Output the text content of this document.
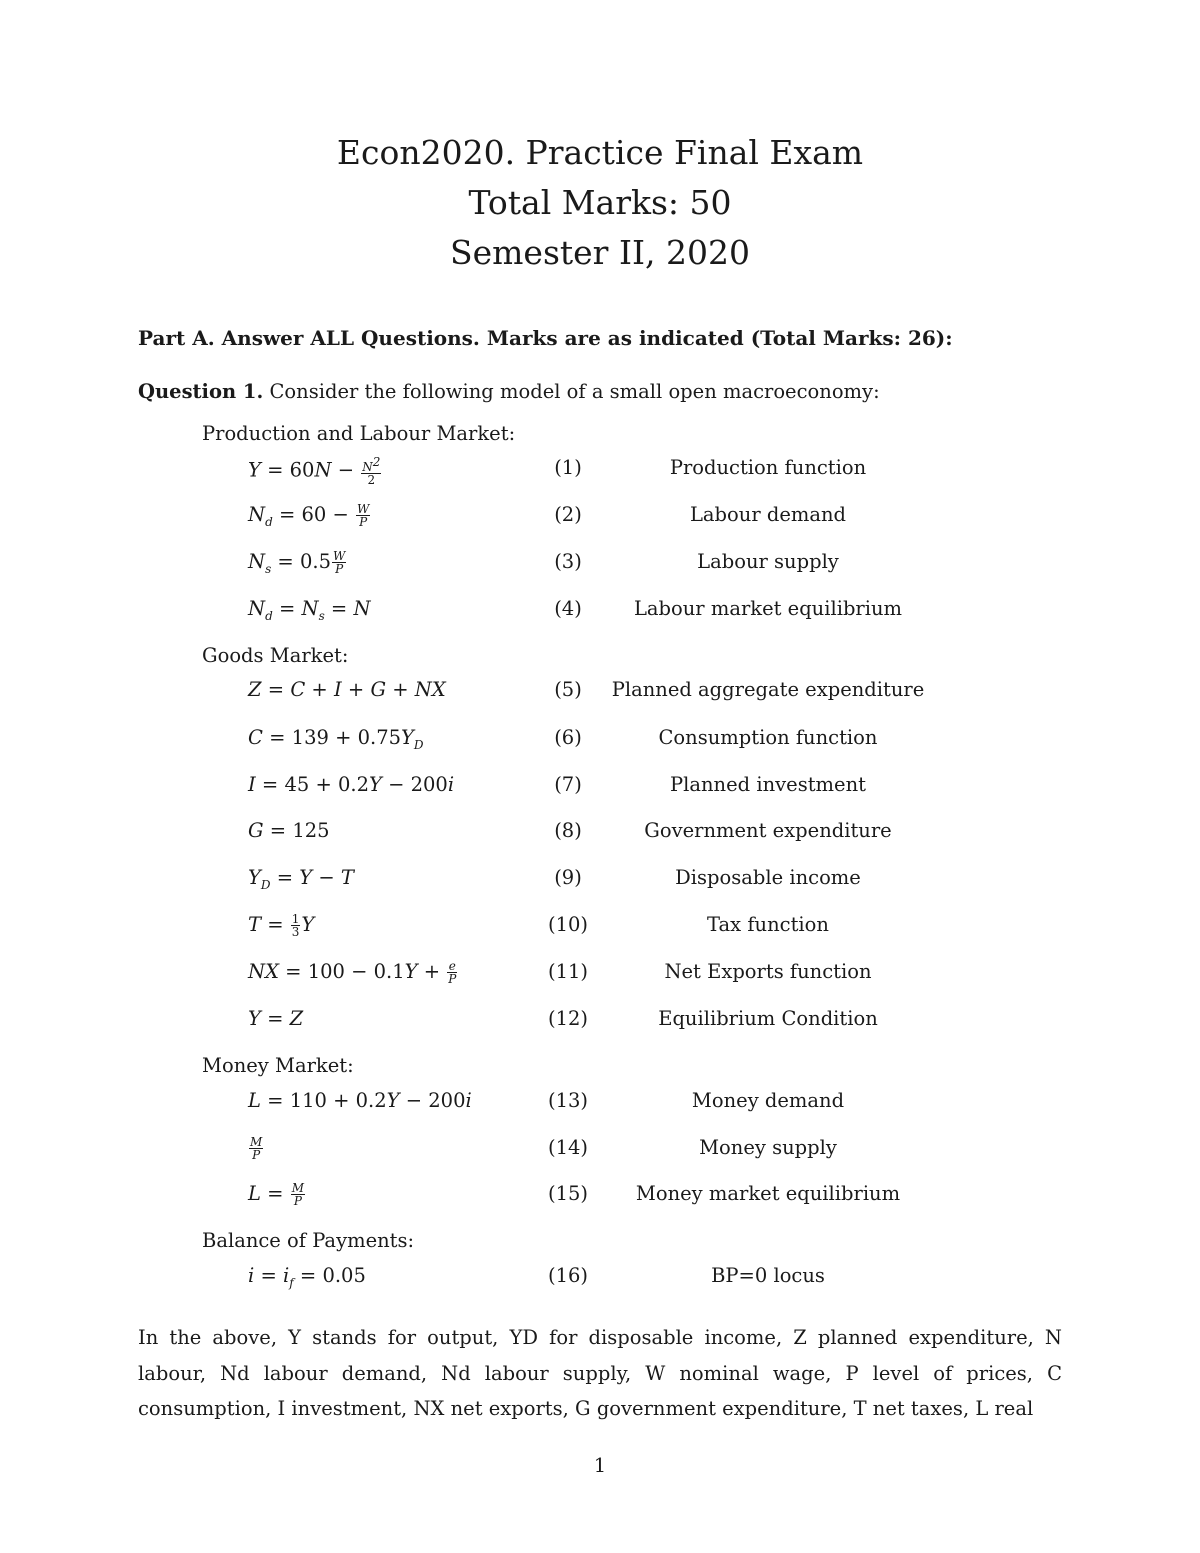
Econ2020. Practice Final Exam
Total Marks: 50
Semester II, 2020
Part A. Answer ALL Questions. Marks are as indicated (Total Marks: 26):
Question 1. Consider the following model of a small open macroeconomy:
Production and Labour Market:
$Y = 60N - \frac{N^2}{2}$	(1)	Production function
$N_d = 60 - \frac{W}{P}$	(2)	Labour demand
$N_s = 0.5 \frac{W}{P}$	(3)	Labour supply
$N_d = N_s = N$	(4)	Labour market equilibrium
Goods Market:
Z = C + I + G + NX	(5)	Planned aggregate expenditure
$C = 139 + 0.75Y_D$	(6)	Consumption function
I = 45 + 0.2Y − 200i	(7)	Planned investment
G = 125	(8)	Government expenditure
$Y_D = Y - T$	(9)	Disposable income
$T = \frac{1}{3}$ Y	(10)	Tax function
NX = $100 - 0.1Y + \frac{e}{P}$	(11)	Net Exports function
Y = Z	(12)	Equilibrium Condition
Money Market:
L = 110 + 0.2Y − 200i	(13)	Money demand
$\frac{M}{P}$	(14)	Money supply
$L = \frac{M}{P}$	(15)	Money market equilibrium
Balance of Payments:
$i = i_f = 0.05$	(16)	BP=0 locus
In the above, Y stands for output, YD for disposable income, Z planned expenditure, N labour, Nd labour demand, Nd labour supply, W nominal wage, P level of prices, C consumption, I investment, NX net exports, G government expenditure, T net taxes, L real
1
